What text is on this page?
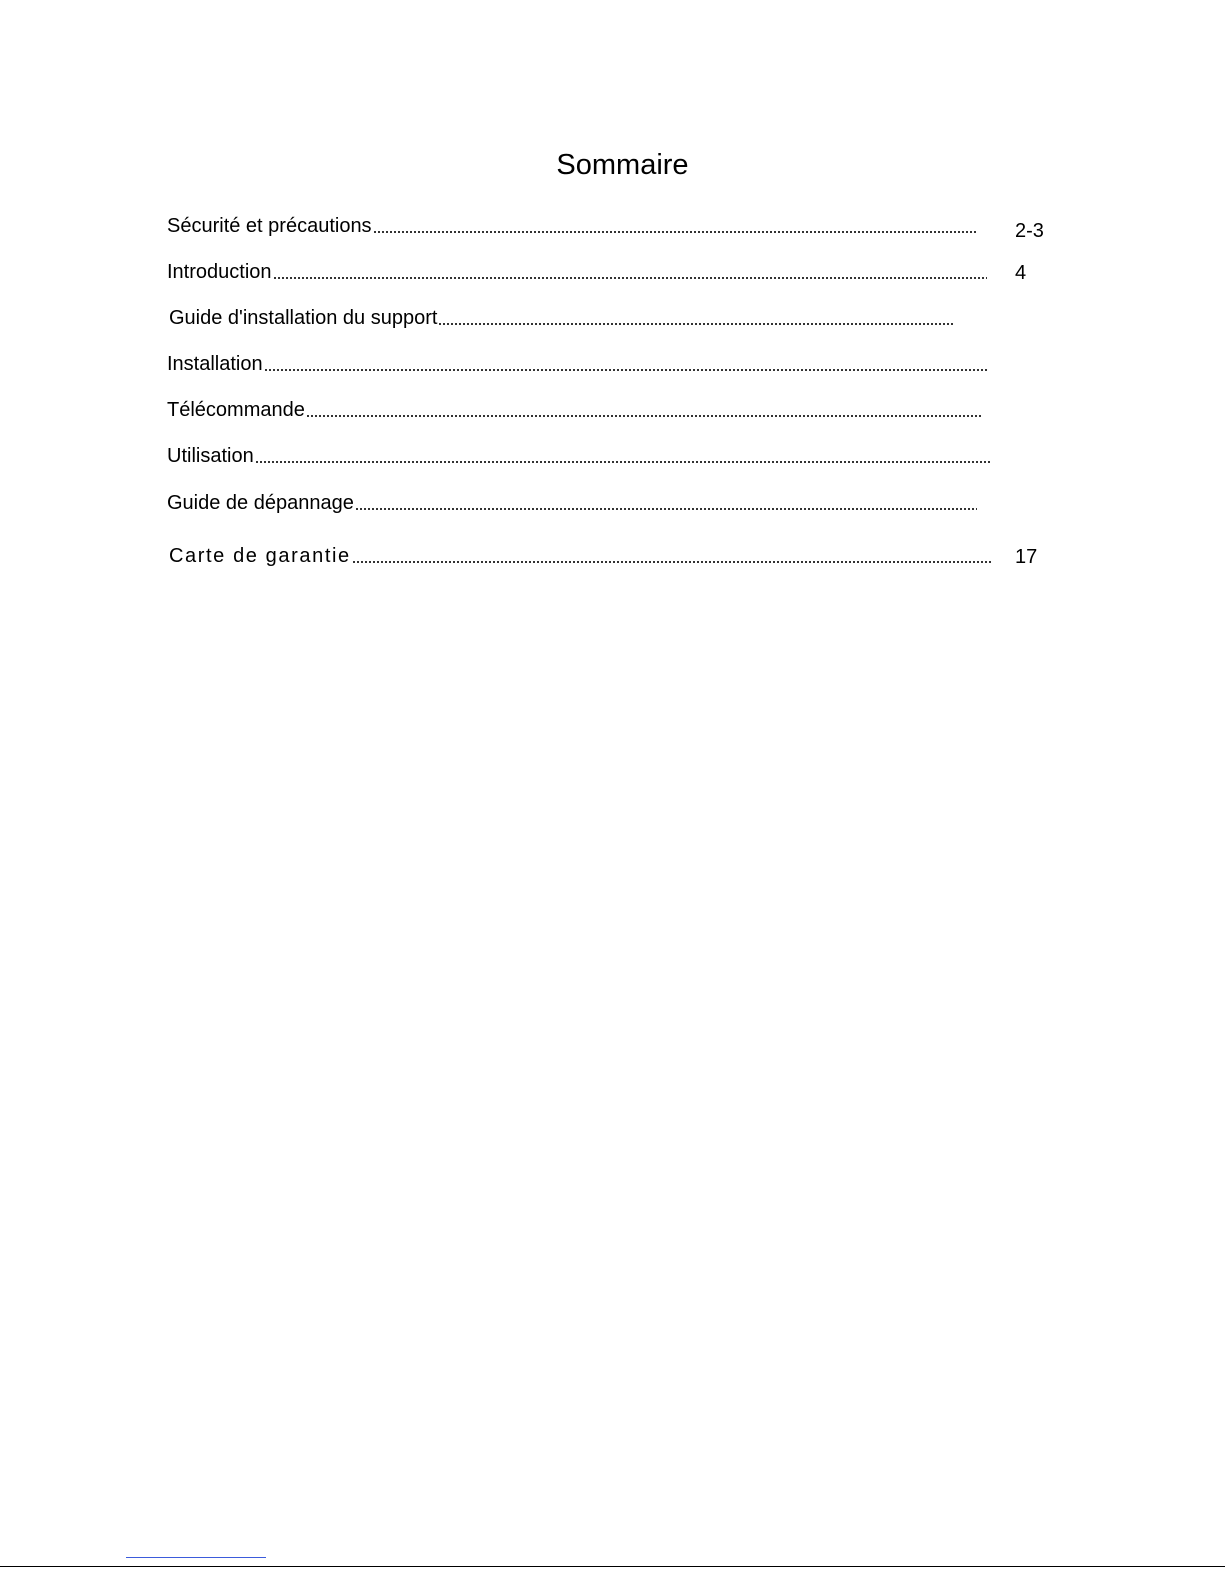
Sommaire
Sécurité et précautions	2-3
Introduction	4
Guide d'installation du support
Installation
Télécommande
Utilisation
Guide de dépannage
Carte de garantie	17
